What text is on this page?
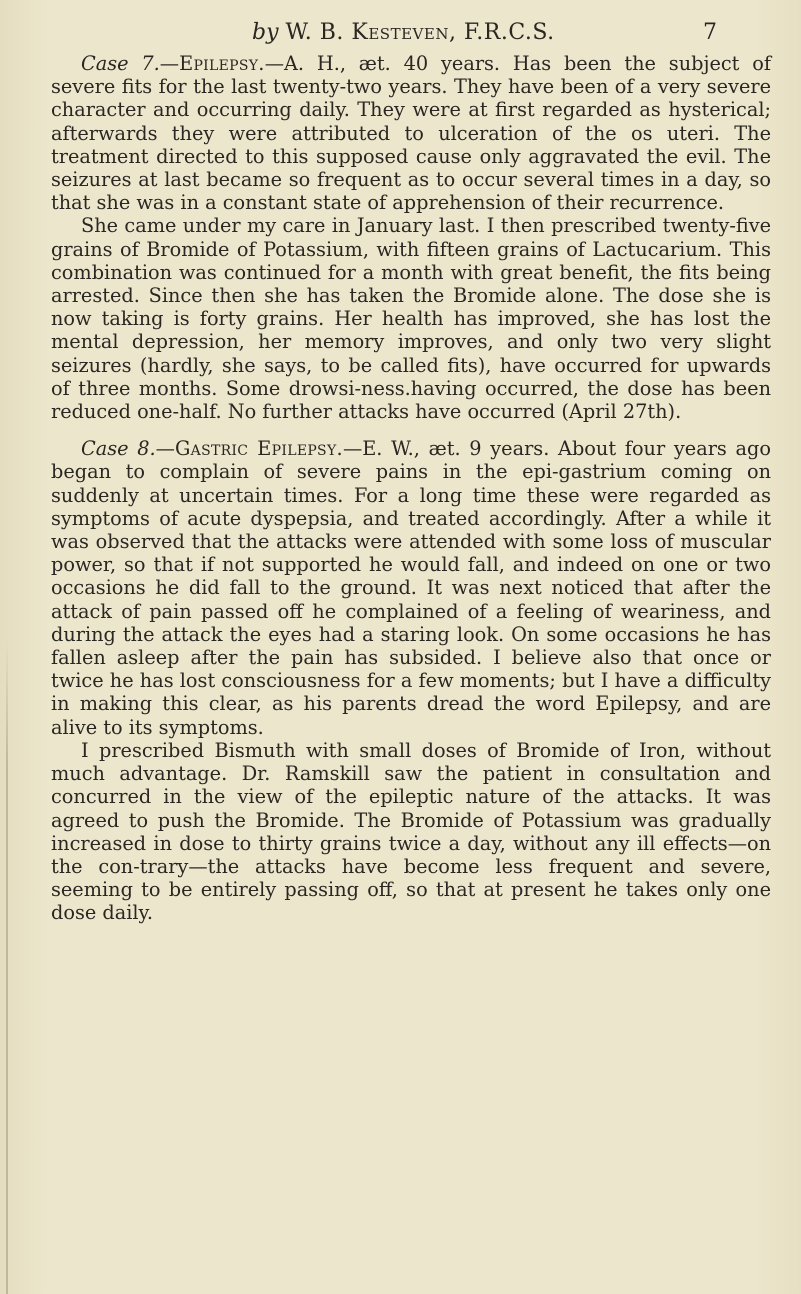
by W. B. Kesteven, F.R.C.S.	7

Case 7.—Epilepsy.—A. H., æt. 40 years. Has been the subject of severe fits for the last twenty-two years. They have been of a very severe character and occurring daily. They were at first regarded as hysterical; afterwards they were attributed to ulceration of the os uteri. The treatment directed to this supposed cause only aggravated the evil. The seizures at last became so frequent as to occur several times in a day, so that she was in a constant state of apprehension of their recurrence.

She came under my care in January last. I then prescribed twenty-five grains of Bromide of Potassium, with fifteen grains of Lactucarium. This combination was continued for a month with great benefit, the fits being arrested. Since then she has taken the Bromide alone. The dose she is now taking is forty grains. Her health has improved, she has lost the mental depression, her memory improves, and only two very slight seizures (hardly, she says, to be called fits), have occurred for upwards of three months. Some drowsi-ness.having occurred, the dose has been reduced one-half. No further attacks have occurred (April 27th).

Case 8.—Gastric Epilepsy.—E. W., æt. 9 years. About four years ago began to complain of severe pains in the epi-gastrium coming on suddenly at uncertain times. For a long time these were regarded as symptoms of acute dyspepsia, and treated accordingly. After a while it was observed that the attacks were attended with some loss of muscular power, so that if not supported he would fall, and indeed on one or two occasions he did fall to the ground. It was next noticed that after the attack of pain passed off he complained of a feeling of weariness, and during the attack the eyes had a staring look. On some occasions he has fallen asleep after the pain has subsided. I believe also that once or twice he has lost consciousness for a few moments; but I have a difficulty in making this clear, as his parents dread the word Epilepsy, and are alive to its symptoms.

I prescribed Bismuth with small doses of Bromide of Iron, without much advantage. Dr. Ramskill saw the patient in consultation and concurred in the view of the epileptic nature of the attacks. It was agreed to push the Bromide. The Bromide of Potassium was gradually increased in dose to thirty grains twice a day, without any ill effects—on the con-trary—the attacks have become less frequent and severe, seeming to be entirely passing off, so that at present he takes only one dose daily.
